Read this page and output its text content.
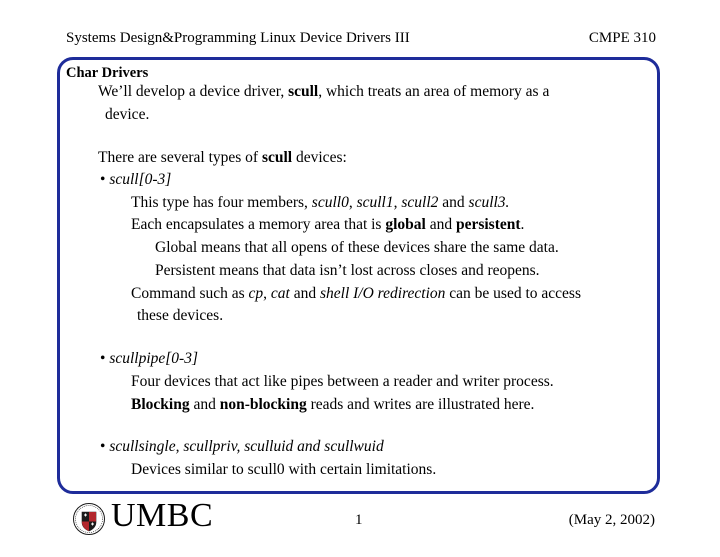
Systems Design&Programming Linux Device Drivers III	CMPE 310
Char Drivers
We’ll develop a device driver, scull, which treats an area of memory as a
device.
There are several types of scull devices:
• scull[0-3]
This type has four members, scull0, scull1, scull2 and scull3.
Each encapsulates a memory area that is global and persistent.
Global means that all opens of these devices share the same data.
Persistent means that data isn’t lost across closes and reopens.
Command such as cp, cat and shell I/O redirection can be used to access
these devices.
• scullpipe[0-3]
Four devices that act like pipes between a reader and writer process.
Blocking and non-blocking reads and writes are illustrated here.
• scullsingle, scullpriv, sculluid and scullwuid
Devices similar to scull0 with certain limitations.
UMBC	1	(May 2, 2002)
